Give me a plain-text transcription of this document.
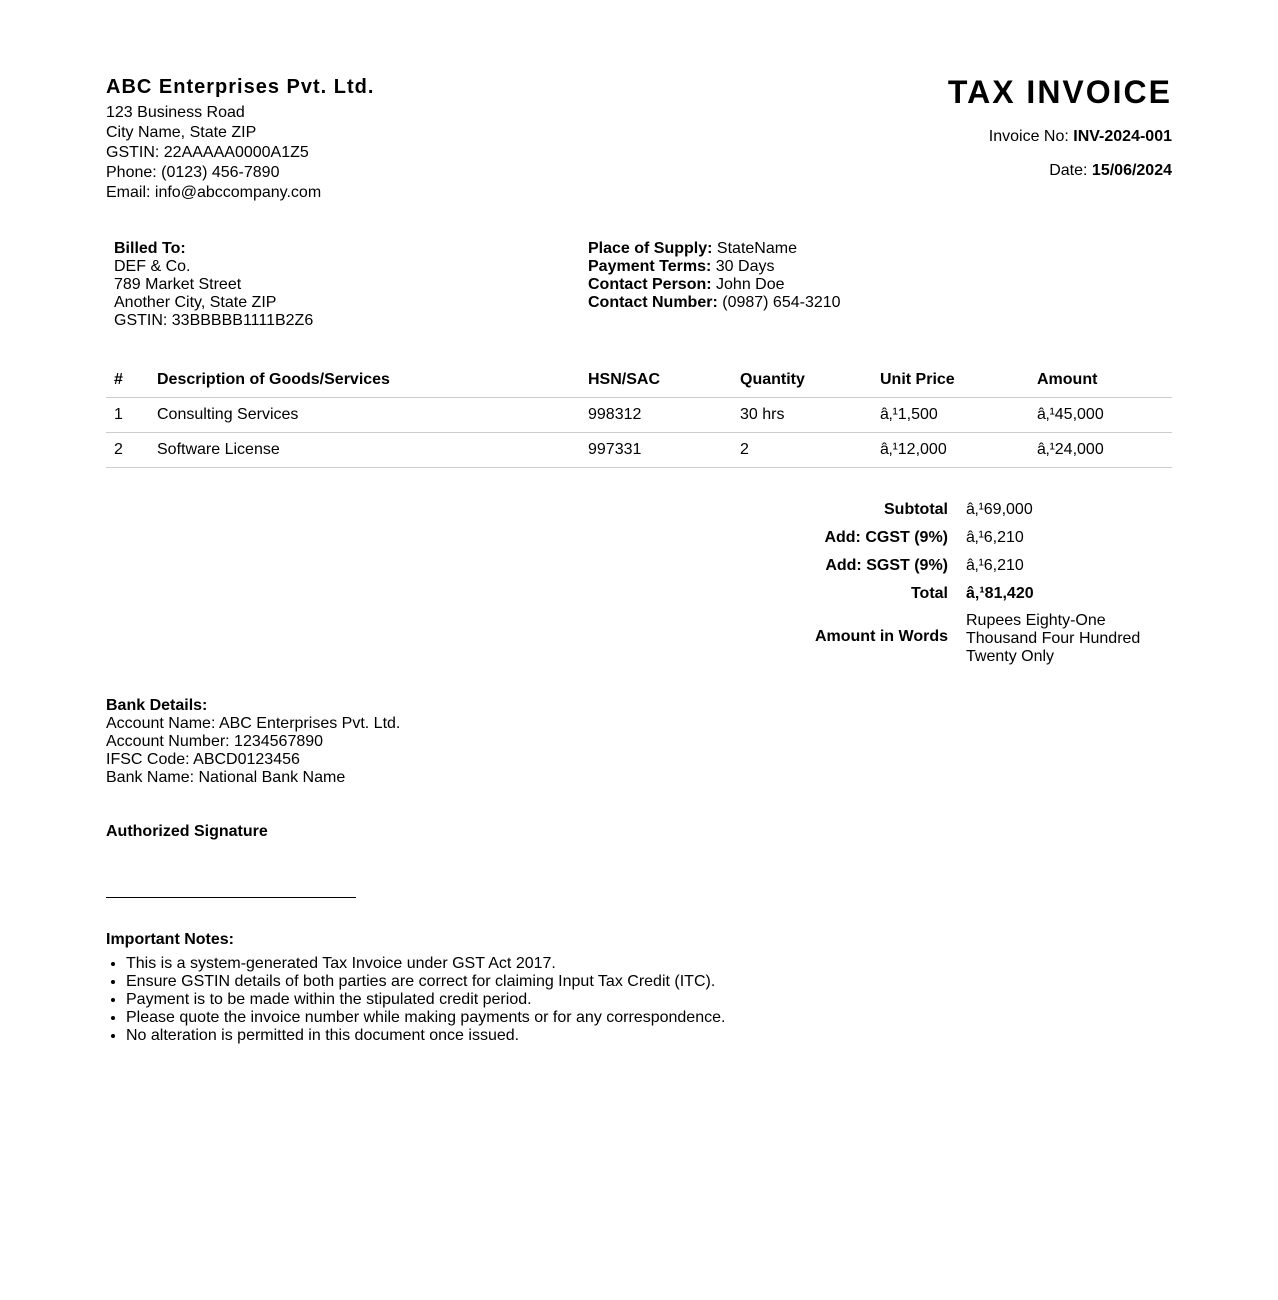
ABC Enterprises Pvt. Ltd.
123 Business Road
City Name, State ZIP
GSTIN: 22AAAAA0000A1Z5
Phone: (0123) 456-7890
Email: info@abccompany.com
TAX INVOICE
Invoice No: INV-2024-001
Date: 15/06/2024
Billed To:
DEF & Co.
789 Market Street
Another City, State ZIP
GSTIN: 33BBBBB1111B2Z6
Place of Supply: StateName
Payment Terms: 30 Days
Contact Person: John Doe
Contact Number: (0987) 654-3210
#	Description of Goods/Services	HSN/SAC	Quantity	Unit Price	Amount
1	Consulting Services	998312	30 hrs	â‚¹1,500	â‚¹45,000
2	Software License	997331	2	â‚¹12,000	â‚¹24,000
Subtotal	â‚¹69,000
Add: CGST (9%)	â‚¹6,210
Add: SGST (9%)	â‚¹6,210
Total	â‚¹81,420
Amount in Words	Rupees Eighty-One Thousand Four Hundred Twenty Only
Bank Details:
Account Name: ABC Enterprises Pvt. Ltd.
Account Number: 1234567890
IFSC Code: ABCD0123456
Bank Name: National Bank Name
Authorized Signature
Important Notes:
• This is a system-generated Tax Invoice under GST Act 2017.
• Ensure GSTIN details of both parties are correct for claiming Input Tax Credit (ITC).
• Payment is to be made within the stipulated credit period.
• Please quote the invoice number while making payments or for any correspondence.
• No alteration is permitted in this document once issued.
